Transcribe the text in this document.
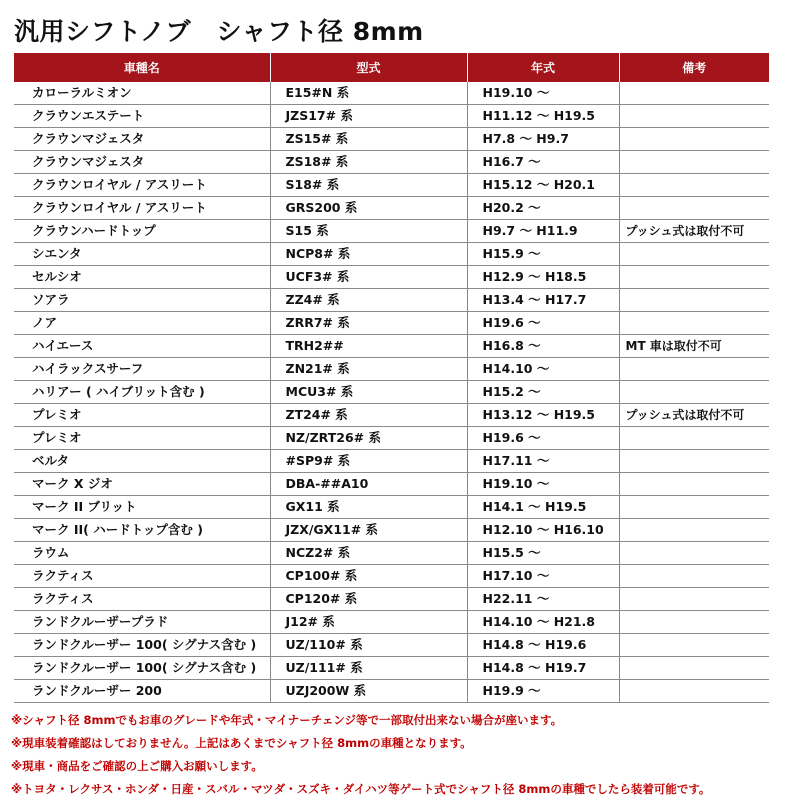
汎用シフトノブ　シャフト径 8mm
車種名	型式	年式	備考
カローラルミオン	E15#N 系	H19.10 ～	
クラウンエステート	JZS17# 系	H11.12 ～ H19.5	
クラウンマジェスタ	ZS15# 系	H7.8 ～ H9.7	
クラウンマジェスタ	ZS18# 系	H16.7 ～	
クラウンロイヤル / アスリート	S18# 系	H15.12 ～ H20.1	
クラウンロイヤル / アスリート	GRS200 系	H20.2 ～	
クラウンハードトップ	S15 系	H9.7 ～ H11.9	プッシュ式は取付不可
シエンタ	NCP8# 系	H15.9 ～	
セルシオ	UCF3# 系	H12.9 ～ H18.5	
ソアラ	ZZ4# 系	H13.4 ～ H17.7	
ノア	ZRR7# 系	H19.6 ～	
ハイエース	TRH2##	H16.8 ～	MT 車は取付不可
ハイラックスサーフ	ZN21# 系	H14.10 ～	
ハリアー ( ハイブリット含む )	MCU3# 系	H15.2 ～	
プレミオ	ZT24# 系	H13.12 ～ H19.5	プッシュ式は取付不可
プレミオ	NZ/ZRT26# 系	H19.6 ～	
ベルタ	#SP9# 系	H17.11 ～	
マーク X ジオ	DBA-##A10	H19.10 ～	
マーク II ブリット	GX11 系	H14.1 ～ H19.5	
マーク II( ハードトップ含む )	JZX/GX11# 系	H12.10 ～ H16.10	
ラウム	NCZ2# 系	H15.5 ～	
ラクティス	CP100# 系	H17.10 ～	
ラクティス	CP120# 系	H22.11 ～	
ランドクルーザープラド	J12# 系	H14.10 ～ H21.8	
ランドクルーザー 100( シグナス含む )	UZ/110# 系	H14.8 ～ H19.6	
ランドクルーザー 100( シグナス含む )	UZ/111# 系	H14.8 ～ H19.7	
ランドクルーザー 200	UZJ200W 系	H19.9 ～	
※シャフト径 8mmでもお車のグレードや年式・マイナーチェンジ等で一部取付出来ない場合が座います。
※現車装着確認はしておりません。上記はあくまでシャフト径 8mmの車種となります。
※現車・商品をご確認の上ご購入お願いします。
※トヨタ・レクサス・ホンダ・日産・スバル・マツダ・スズキ・ダイハツ等ゲート式でシャフト径 8mmの車種でしたら装着可能です。
